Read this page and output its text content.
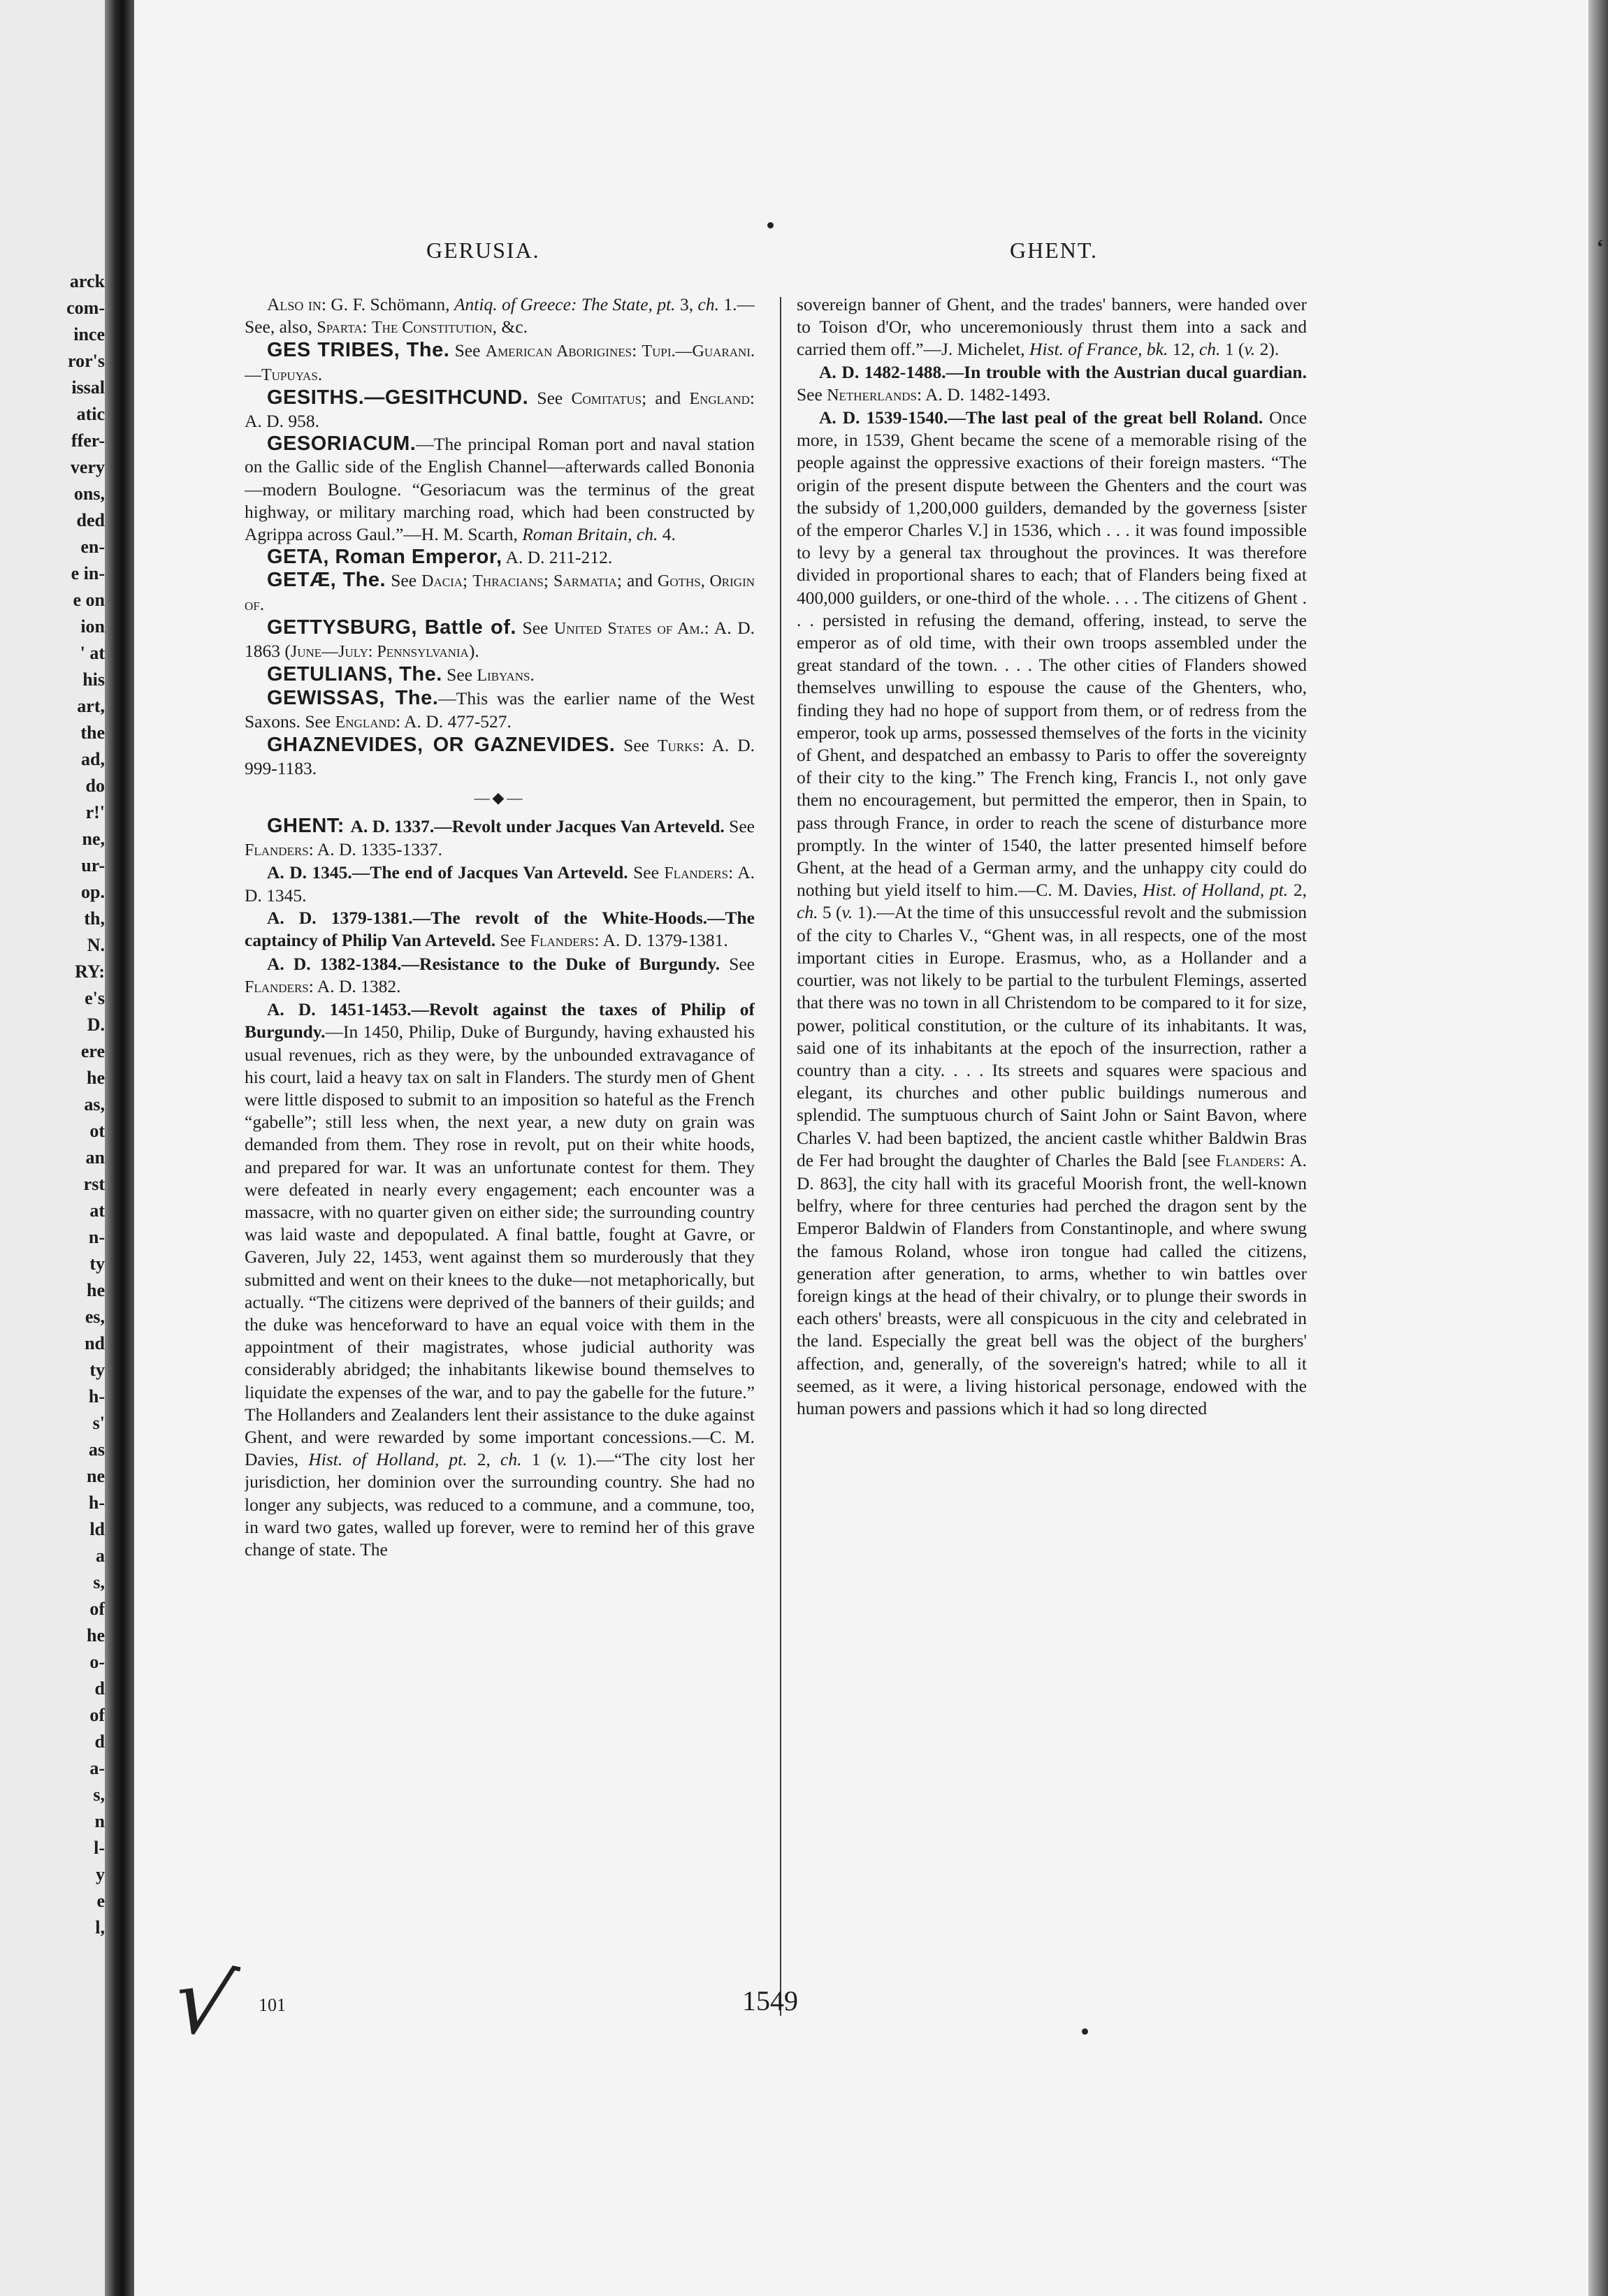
arck
com-
ince
ror's
issal
atic
ffer-
very
ons,
ded
en-
e in-
e on
ion
' at
his
art,
the
ad,
do
r!'
ne,
ur-
op.
th,
N.
RY:
e's
D.
ere
he
as,
ot
an
rst
at
n-
ty
he
es,
nd
ty
h-
s'
as
ne
h-
ld
a
s,
of
he
o-
d
of
d
a-
s,
n
l-
y
e
l,
‘
GERUSIA.	GHENT.

Also in: G. F. Schömann, Antiq. of Greece: The State, pt. 3, ch. 1.—See, also, Sparta: The Constitution, &c.

GES TRIBES, The. See American Aborigines: Tupi.—Guarani.—Tupuyas.

GESITHS.—GESITHCUND. See Comitatus; and England: A. D. 958.

GESORIACUM.—The principal Roman port and naval station on the Gallic side of the English Channel—afterwards called Bononia—modern Boulogne. “Gesoriacum was the terminus of the great highway, or military marching road, which had been constructed by Agrippa across Gaul.”—H. M. Scarth, Roman Britain, ch. 4.

GETA, Roman Emperor, A. D. 211-212.

GETÆ, The. See Dacia; Thracians; Sarmatia; and Goths, Origin of.

GETTYSBURG, Battle of. See United States of Am.: A. D. 1863 (June—July: Pennsylvania).

GETULIANS, The. See Libyans.

GEWISSAS, The.—This was the earlier name of the West Saxons. See England: A. D. 477-527.

GHAZNEVIDES, OR GAZNEVIDES. See Turks: A. D. 999-1183.

—◆—

GHENT: A. D. 1337.—Revolt under Jacques Van Arteveld. See Flanders: A. D. 1335-1337.

A. D. 1345.—The end of Jacques Van Arteveld. See Flanders: A. D. 1345.

A. D. 1379-1381.—The revolt of the White-Hoods.—The captaincy of Philip Van Arteveld. See Flanders: A. D. 1379-1381.

A. D. 1382-1384.—Resistance to the Duke of Burgundy. See Flanders: A. D. 1382.

A. D. 1451-1453.—Revolt against the taxes of Philip of Burgundy.—In 1450, Philip, Duke of Burgundy, having exhausted his usual revenues, rich as they were, by the unbounded extravagance of his court, laid a heavy tax on salt in Flanders. The sturdy men of Ghent were little disposed to submit to an imposition so hateful as the French “gabelle”; still less when, the next year, a new duty on grain was demanded from them. They rose in revolt, put on their white hoods, and prepared for war. It was an unfortunate contest for them. They were defeated in nearly every engagement; each encounter was a massacre, with no quarter given on either side; the surrounding country was laid waste and depopulated. A final battle, fought at Gavre, or Gaveren, July 22, 1453, went against them so murderously that they submitted and went on their knees to the duke—not metaphorically, but actually. “The citizens were deprived of the banners of their guilds; and the duke was henceforward to have an equal voice with them in the appointment of their magistrates, whose judicial authority was considerably abridged; the inhabitants likewise bound themselves to liquidate the expenses of the war, and to pay the gabelle for the future.” The Hollanders and Zealanders lent their assistance to the duke against Ghent, and were rewarded by some important concessions.—C. M. Davies, Hist. of Holland, pt. 2, ch. 1 (v. 1).—“The city lost her jurisdiction, her dominion over the surrounding country. She had no longer any subjects, was reduced to a commune, and a commune, too, in ward two gates, walled up forever, were to remind her of this grave change of state. The

sovereign banner of Ghent, and the trades' banners, were handed over to Toison d'Or, who unceremoniously thrust them into a sack and carried them off.”—J. Michelet, Hist. of France, bk. 12, ch. 1 (v. 2).

A. D. 1482-1488.—In trouble with the Austrian ducal guardian. See Netherlands: A. D. 1482-1493.

A. D. 1539-1540.—The last peal of the great bell Roland. Once more, in 1539, Ghent became the scene of a memorable rising of the people against the oppressive exactions of their foreign masters. “The origin of the present dispute between the Ghenters and the court was the subsidy of 1,200,000 guilders, demanded by the governess [sister of the emperor Charles V.] in 1536, which . . . it was found impossible to levy by a general tax throughout the provinces. It was therefore divided in proportional shares to each; that of Flanders being fixed at 400,000 guilders, or one-third of the whole. . . . The citizens of Ghent . . . persisted in refusing the demand, offering, instead, to serve the emperor as of old time, with their own troops assembled under the great standard of the town. . . . The other cities of Flanders showed themselves unwilling to espouse the cause of the Ghenters, who, finding they had no hope of support from them, or of redress from the emperor, took up arms, possessed themselves of the forts in the vicinity of Ghent, and despatched an embassy to Paris to offer the sovereignty of their city to the king.” The French king, Francis I., not only gave them no encouragement, but permitted the emperor, then in Spain, to pass through France, in order to reach the scene of disturbance more promptly. In the winter of 1540, the latter presented himself before Ghent, at the head of a German army, and the unhappy city could do nothing but yield itself to him.—C. M. Davies, Hist. of Holland, pt. 2, ch. 5 (v. 1).—At the time of this unsuccessful revolt and the submission of the city to Charles V., “Ghent was, in all respects, one of the most important cities in Europe. Erasmus, who, as a Hollander and a courtier, was not likely to be partial to the turbulent Flemings, asserted that there was no town in all Christendom to be compared to it for size, power, political constitution, or the culture of its inhabitants. It was, said one of its inhabitants at the epoch of the insurrection, rather a country than a city. . . . Its streets and squares were spacious and elegant, its churches and other public buildings numerous and splendid. The sumptuous church of Saint John or Saint Bavon, where Charles V. had been baptized, the ancient castle whither Baldwin Bras de Fer had brought the daughter of Charles the Bald [see Flanders: A. D. 863], the city hall with its graceful Moorish front, the well-known belfry, where for three centuries had perched the dragon sent by the Emperor Baldwin of Flanders from Constantinople, and where swung the famous Roland, whose iron tongue had called the citizens, generation after generation, to arms, whether to win battles over foreign kings at the head of their chivalry, or to plunge their swords in each others' breasts, were all conspicuous in the city and celebrated in the land. Especially the great bell was the object of the burghers' affection, and, generally, of the sovereign's hatred; while to all it seemed, as it were, a living historical personage, endowed with the human powers and passions which it had so long directed

√ 101	1549
